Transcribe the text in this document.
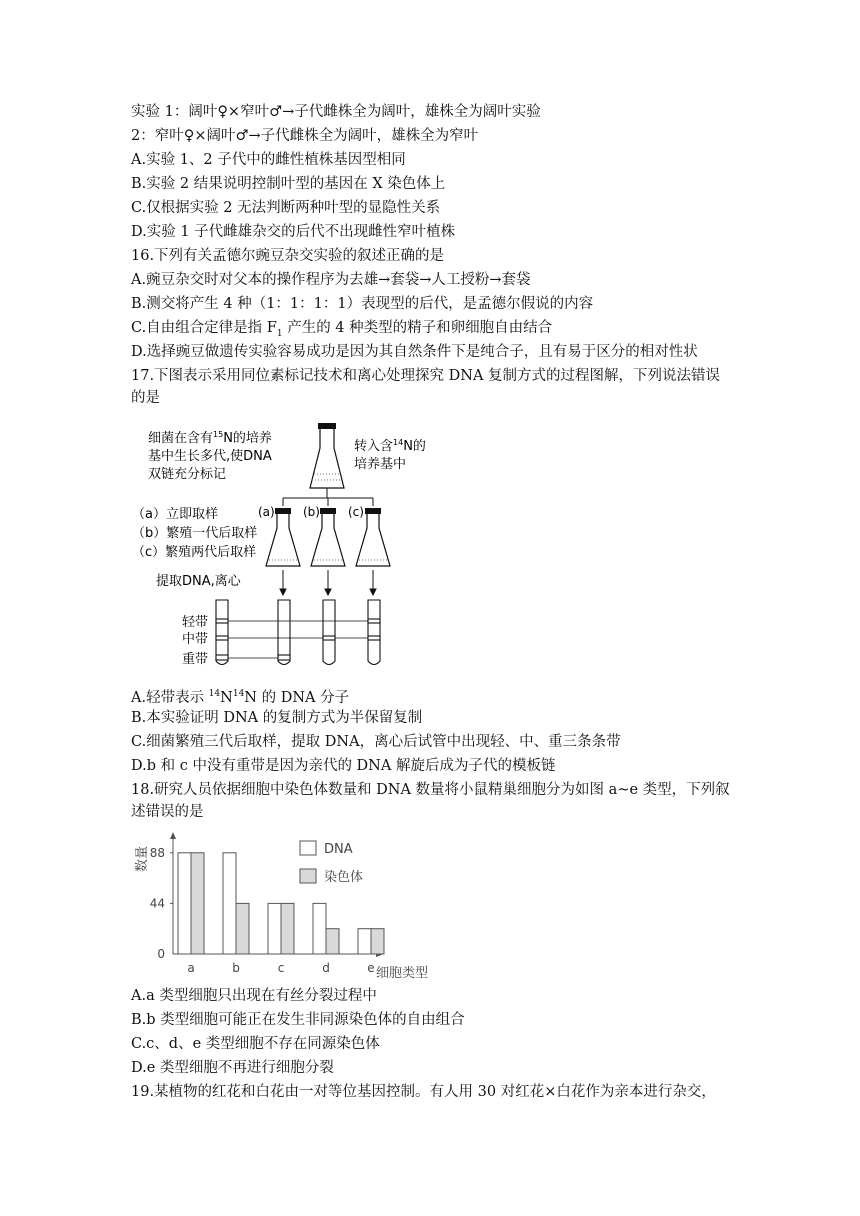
实验 1：阔叶♀×窄叶♂→子代雌株全为阔叶，雄株全为阔叶实验
2：窄叶♀×阔叶♂→子代雌株全为阔叶，雄株全为窄叶
A.实验 1、2 子代中的雌性植株基因型相同
B.实验 2 结果说明控制叶型的基因在 X 染色体上
C.仅根据实验 2 无法判断两种叶型的显隐性关系
D.实验 1 子代雌雄杂交的后代不出现雌性窄叶植株
16.下列有关孟德尔豌豆杂交实验的叙述正确的是
A.豌豆杂交时对父本的操作程序为去雄→套袋→人工授粉→套袋
B.测交将产生 4 种（1：1：1：1）表现型的后代，是孟德尔假说的内容
C.自由组合定律是指 $F_1$ 产生的 4 种类型的精子和卵细胞自由结合
D.选择豌豆做遗传实验容易成功是因为其自然条件下是纯合子，且有易于区分的相对性状
17.下图表示采用同位素标记技术和离心处理探究 DNA 复制方式的过程图解，下列说法错误的是
细菌在含有$^{15}$N的培养
基中生长多代,使DNA
双链充分标记
转入含$^{14}$N的
培养基中
(a) (b) (c)
（a）立即取样
（b）繁殖一代后取样
（c）繁殖两代后取样
提取DNA,离心
轻带
中带
重带
A.轻带表示 $^{14}N^{14}N$ 的 DNA 分子
B.本实验证明 DNA 的复制方式为半保留复制
C.细菌繁殖三代后取样，提取 DNA，离心后试管中出现轻、中、重三条条带
D.b 和 c 中没有重带是因为亲代的 DNA 解旋后成为子代的模板链
18.研究人员依据细胞中染色体数量和 DNA 数量将小鼠精巢细胞分为如图 a~e 类型，下列叙述错误的是
数量
细胞类型
0
44
88
a	b	c	d	e
DNA
染色体
A.a 类型细胞只出现在有丝分裂过程中
B.b 类型细胞可能正在发生非同源染色体的自由组合
C.c、d、e 类型细胞不存在同源染色体
D.e 类型细胞不再进行细胞分裂
19.某植物的红花和白花由一对等位基因控制。有人用 30 对红花×白花作为亲本进行杂交，
